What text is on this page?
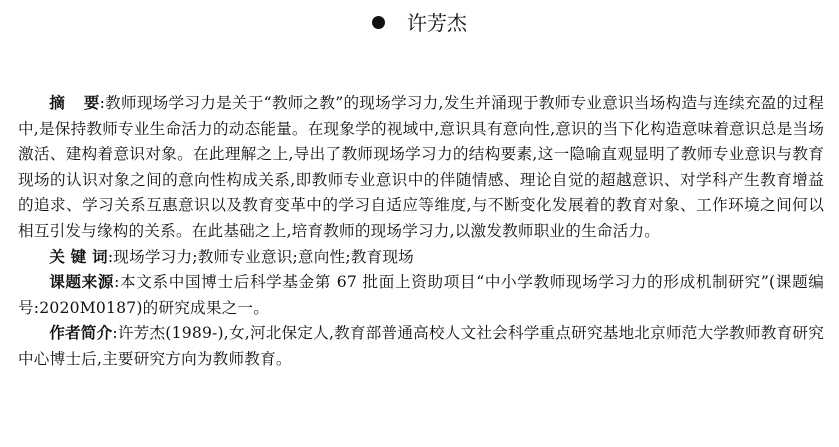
许芳杰

摘 要:教师现场学习力是关于“教师之教”的现场学习力,发生并涌现于教师专业意识当场构造与连续充盈的过程中,是保持教师专业生命活力的动态能量。在现象学的视域中,意识具有意向性,意识的当下化构造意味着意识总是当场激活、建构着意识对象。在此理解之上,导出了教师现场学习力的结构要素,这一隐喻直观显明了教师专业意识与教育现场的认识对象之间的意向性构成关系,即教师专业意识中的伴随情感、理论自觉的超越意识、对学科产生教育增益的追求、学习关系互惠意识以及教育变革中的学习自适应等维度,与不断变化发展着的教育对象、工作环境之间何以相互引发与缘构的关系。在此基础之上,培育教师的现场学习力,以激发教师职业的生命活力。

关 键 词:现场学习力;教师专业意识;意向性;教育现场

课题来源:本文系中国博士后科学基金第 67 批面上资助项目“中小学教师现场学习力的形成机制研究”(课题编号:2020M0187)的研究成果之一。

作者简介:许芳杰(1989-),女,河北保定人,教育部普通高校人文社会科学重点研究基地北京师范大学教师教育研究中心博士后,主要研究方向为教师教育。
